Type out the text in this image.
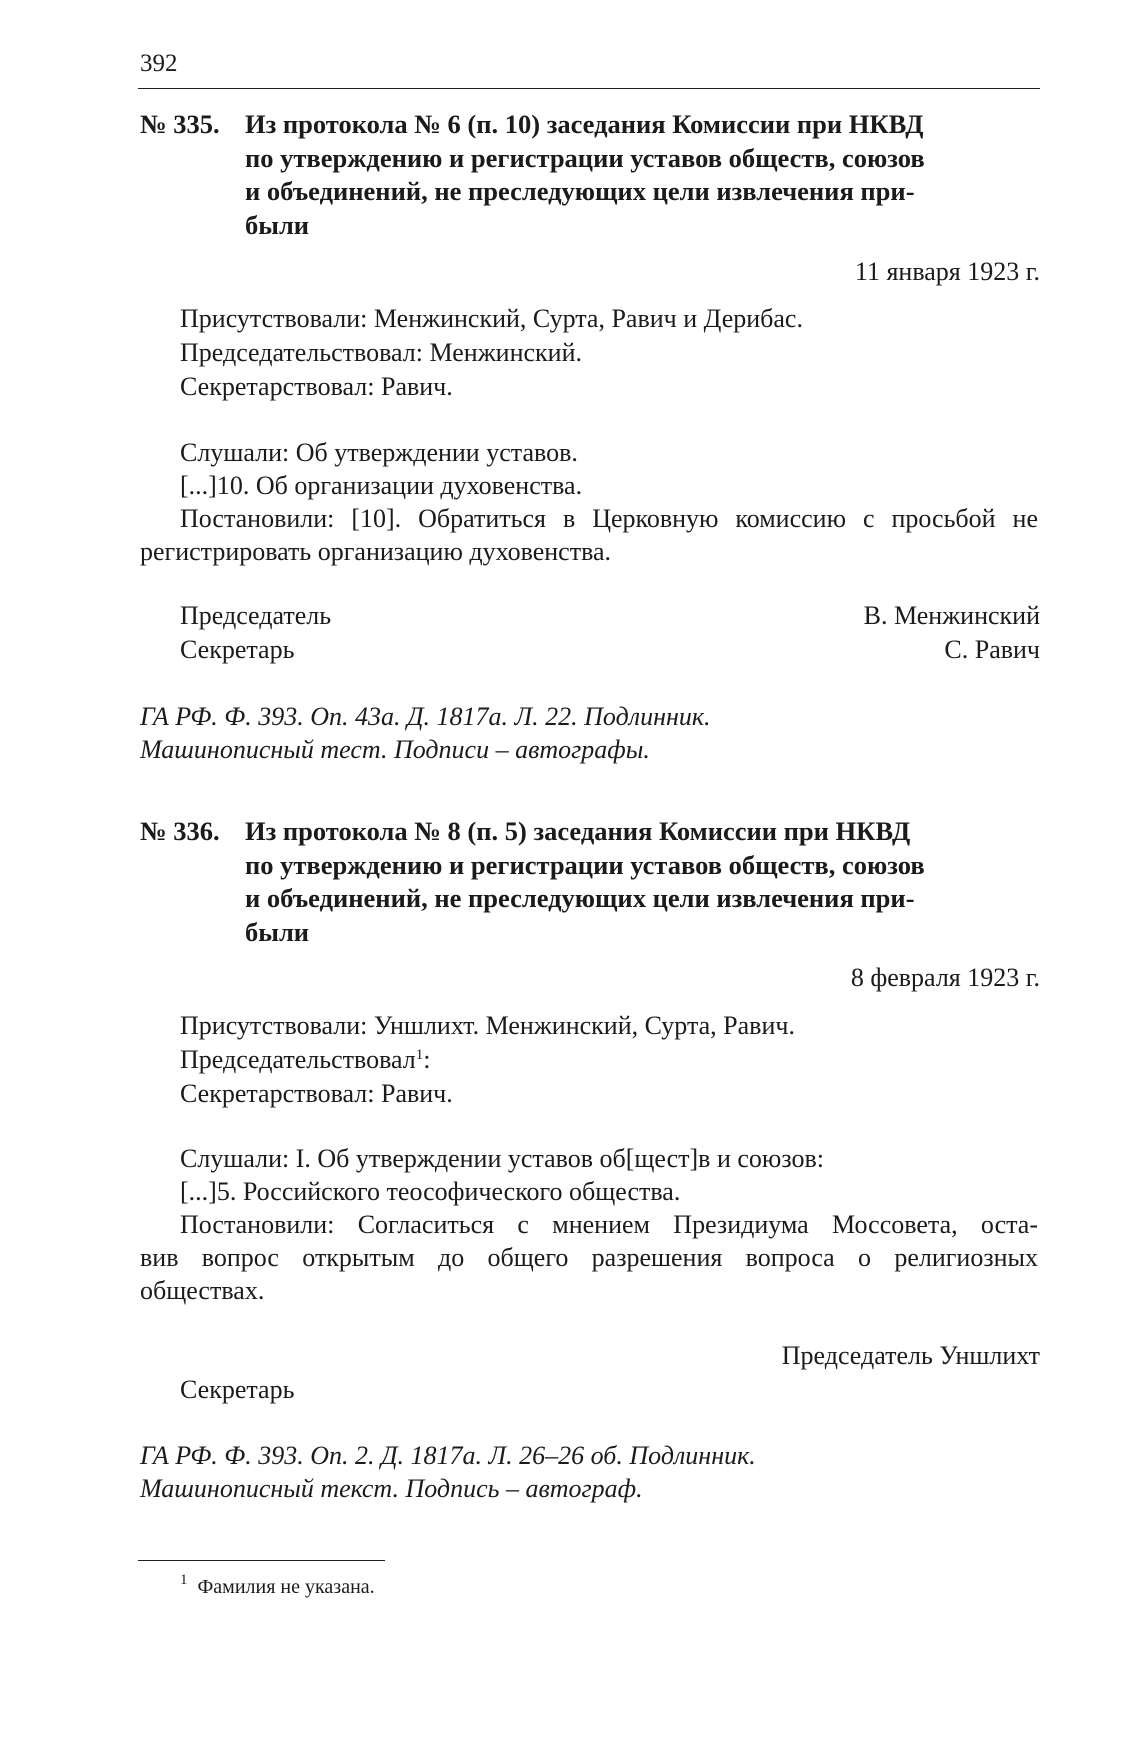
392
№ 335. Из протокола № 6 (п. 10) заседания Комиссии при НКВД
по утверждению и регистрации уставов обществ, союзов
и объединений, не преследующих цели извлечения при-
были
11 января 1923 г.
Присутствовали: Менжинский, Сурта, Равич и Дерибас.
Председательствовал: Менжинский.
Секретарствовал: Равич.
Слушали: Об утверждении уставов.
[...]10. Об организации духовенства.
Постановили: [10]. Обратиться в Церковную комиссию с просьбой не
регистрировать организацию духовенства.
Председатель	В. Менжинский
Секретарь	С. Равич
ГА РФ. Ф. 393. Оп. 43а. Д. 1817а. Л. 22. Подлинник.
Машинописный тест. Подписи – автографы.
№ 336. Из протокола № 8 (п. 5) заседания Комиссии при НКВД
по утверждению и регистрации уставов обществ, союзов
и объединений, не преследующих цели извлечения при-
были
8 февраля 1923 г.
Присутствовали: Уншлихт. Менжинский, Сурта, Равич.
Председательствовал$^1$:
Секретарствовал: Равич.
Слушали: I. Об утверждении уставов об[щест]в и союзов:
[...]5. Российского теософического общества.
Постановили: Согласиться с мнением Президиума Моссовета, оста-
вив вопрос открытым до общего разрешения вопроса о религиозных
обществах.
Председатель Уншлихт
Секретарь
ГА РФ. Ф. 393. Оп. 2. Д. 1817а. Л. 26–26 об. Подлинник.
Машинописный текст. Подпись – автограф.
$^1$ Фамилия не указана.
